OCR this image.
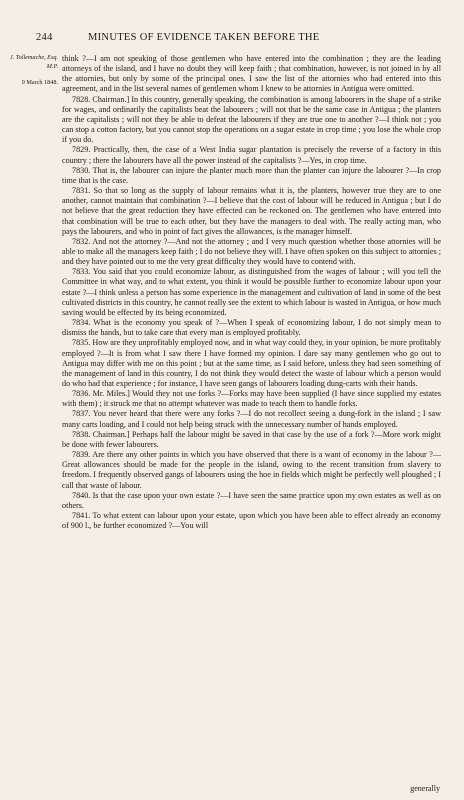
244	MINUTES OF EVIDENCE TAKEN BEFORE THE
J. Tollemache, Esq.
M.P.
9 March 1848.

think ?—I am not speaking of those gentlemen who have entered into the combination ; they are the leading attorneys of the island, and I have no doubt they will keep faith ; that combination, however, is not joined in by all the attornies, but only by some of the principal ones. I saw the list of the attornies who had entered into this agreement, and in the list several names of gentlemen whom I knew to be attornies in Antigua were omitted.

7828. Chairman.] In this country, generally speaking, the combination is among labourers in the shape of a strike for wages, and ordinarily the capitalists beat the labourers ; will not that be the same case in Antigua ; the planters are the capitalists ; will not they be able to defeat the labourers if they are true one to another ?—I think not ; you can stop a cotton factory, but you cannot stop the operations on a sugar estate in crop time ; you lose the whole crop if you do.

7829. Practically, then, the case of a West India sugar plantation is precisely the reverse of a factory in this country ; there the labourers have all the power instead of the capitalists ?—Yes, in crop time.

7830. That is, the labourer can injure the planter much more than the planter can injure the labourer ?—In crop time that is the case.

7831. So that so long as the supply of labour remains what it is, the planters, however true they are to one another, cannot maintain that combination ?—I believe that the cost of labour will be reduced in Antigua ; but I do not believe that the great reduction they have effected can be reckoned on. The gentlemen who have entered into that combination will be true to each other, but they have the managers to deal with. The really acting man, who pays the labourers, and who in point of fact gives the allowances, is the manager himself.

7832. And not the attorney ?—And not the attorney ; and I very much question whether those attornies will be able to make all the managers keep faith ; I do not believe they will. I have often spoken on this subject to attornies ; and they have pointed out to me the very great difficulty they would have to contend with.

7833. You said that you could economize labour, as distinguished from the wages of labour ; will you tell the Committee in what way, and to what extent, you think it would be possible further to economize labour upon your estate ?—I think unless a person has some experience in the management and cultivation of land in some of the best cultivated districts in this country, he cannot really see the extent to which labour is wasted in Antigua, or how much saving would be effected by its being economized.

7834. What is the economy you speak of ?—When I speak of economizing labour, I do not simply mean to dismiss the hands, but to take care that every man is employed profitably.

7835. How are they unprofitably employed now, and in what way could they, in your opinion, be more profitably employed ?—It is from what I saw there I have formed my opinion. I dare say many gentlemen who go out to Antigua may differ with me on this point ; but at the same time, as I said before, unless they had seen something of the management of land in this country, I do not think they would detect the waste of labour which a person would do who had that experience ; for instance, I have seen gangs of labourers loading dung-carts with their hands.

7836. Mr. Miles.] Would they not use forks ?—Forks may have been supplied (I have since supplied my estates with them) ; it struck me that no attempt whatever was made to teach them to handle forks.

7837. You never heard that there were any forks ?—I do not recollect seeing a dung-fork in the island ; I saw many carts loading, and I could not help being struck with the unnecessary number of hands employed.

7838. Chairman.] Perhaps half the labour might be saved in that case by the use of a fork ?—More work might be done with fewer labourers.

7839. Are there any other points in which you have observed that there is a want of economy in the labour ?—Great allowances should be made for the people in the island, owing to the recent transition from slavery to freedom. I frequently observed gangs of labourers using the hoe in fields which might be perfectly well ploughed ; I call that waste of labour.

7840. Is that the case upon your own estate ?—I have seen the same practice upon my own estates as well as on others.

7841. To what extent can labour upon your estate, upon which you have been able to effect already an economy of 900 l., be further economized ?—You will

generally
